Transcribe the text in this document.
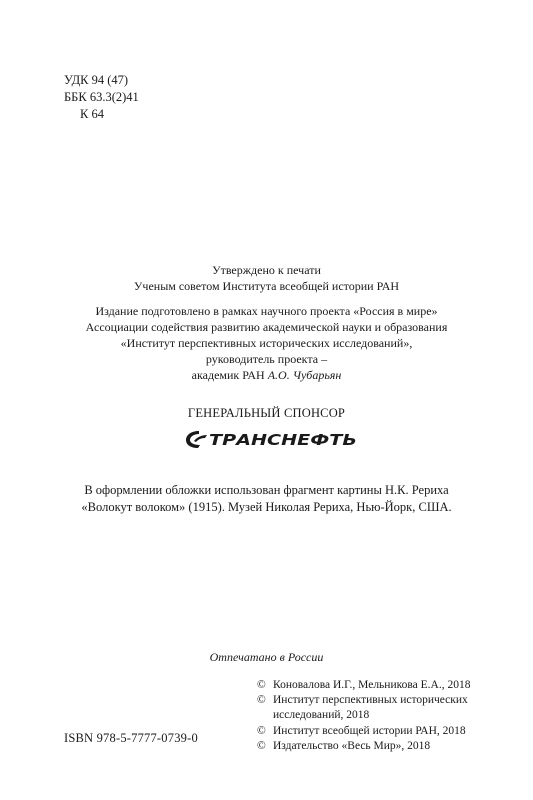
УДК 94 (47)
ББК 63.3(2)41
К 64
Утверждено к печати
Ученым советом Института всеобщей истории РАН
Издание подготовлено в рамках научного проекта «Россия в мире»
Ассоциации содействия развитию академической науки и образования
«Институт перспективных исторических исследований»,
руководитель проекта –
академик РАН А.О. Чубарьян
ГЕНЕРАЛЬНЫЙ СПОНСОР
ТРАНСНЕФТЬ
В оформлении обложки использован фрагмент картины Н.К. Рериха
«Волокут волоком» (1915). Музей Николая Рериха, Нью-Йорк, США.
Отпечатано в России
© Коновалова И.Г., Мельникова Е.А., 2018
© Институт перспективных исторических исследований, 2018
© Институт всеобщей истории РАН, 2018
© Издательство «Весь Мир», 2018
ISBN 978-5-7777-0739-0
